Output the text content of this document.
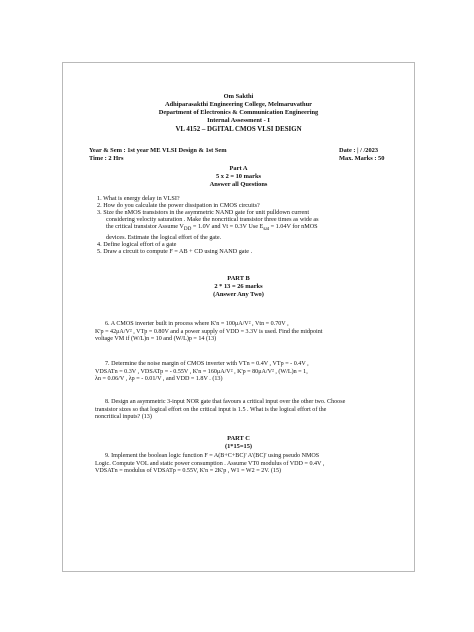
Om Sakthi
Adhiparasakthi Engineering College, Melmaruvathur
Department of Electronics & Communication Engineering
Internal Assessment - I
VL 4152 – DGITAL CMOS VLSI DESIGN
Year & Sem : 1st year ME VLSI Design & 1st Sem	Date : | / /2023
Time : 2 Hrs	Max. Marks : 50
Part A
5 x 2 = 10 marks
Answer all Questions
1. What is energy delay in VLSI?
2. How do you calculate the power dissipation in CMOS circuits?
3. Size the nMOS transistors in the asymmetric NAND gate for unit pulldown current
considering velocity saturation . Make the noncritical transistor three times as wide as
the critical transistor Assume $V_{DD} = 1.0V$ and Vt = 0.3V Use $E_{sat} = 1.04V$ for nMOS
devices. Estimate the logical effort of the gate.
4. Define logical effort of a gate
5. Draw a circuit to compute F = AB + CD using NAND gate .
PART B
2 * 13 = 26 marks
(Answer Any Two)
6. A CMOS inverter built in process where K'n = 100μA/V² , Vtn = 0.70V ,
K'p = 42μA/V² , VTp = 0.80V and a power supply of VDD = 3.3V is used. Find the midpoint
voltage VM if (W/L)n = 10 and (W/L)p = 14 (13)
7. Determine the noise margin of CMOS inverter with VTn = 0.4V , VTp = - 0.4V ,
VDSATn = 0.3V , VDSATp = - 0.55V , K'n = 160μA/V² , K'p = 80μA/V² , (W/L)n = 1,
λn = 0.06/V , λp = - 0.01/V , and VDD = 1.8V . (13)
8. Design an asymmetric 3-input NOR gate that favours a critical input over the other two. Choose
transistor sizes so that logical effort on the critical input is 1.5 . What is the logical effort of the
noncritical inputs? (13)
PART C
(1*15=15)
9. Implement the boolean logic function F = A(B+C+BC)' A'(BC)' using pseudo NMOS
Logic. Compute VOL and static power consumption . Assume VT0 modulus of VDD = 0.4V ,
VDSATn = modulus of VDSATp = 0.55V, K'n = 2K'p , W1 = W2 = 2V. (15)
